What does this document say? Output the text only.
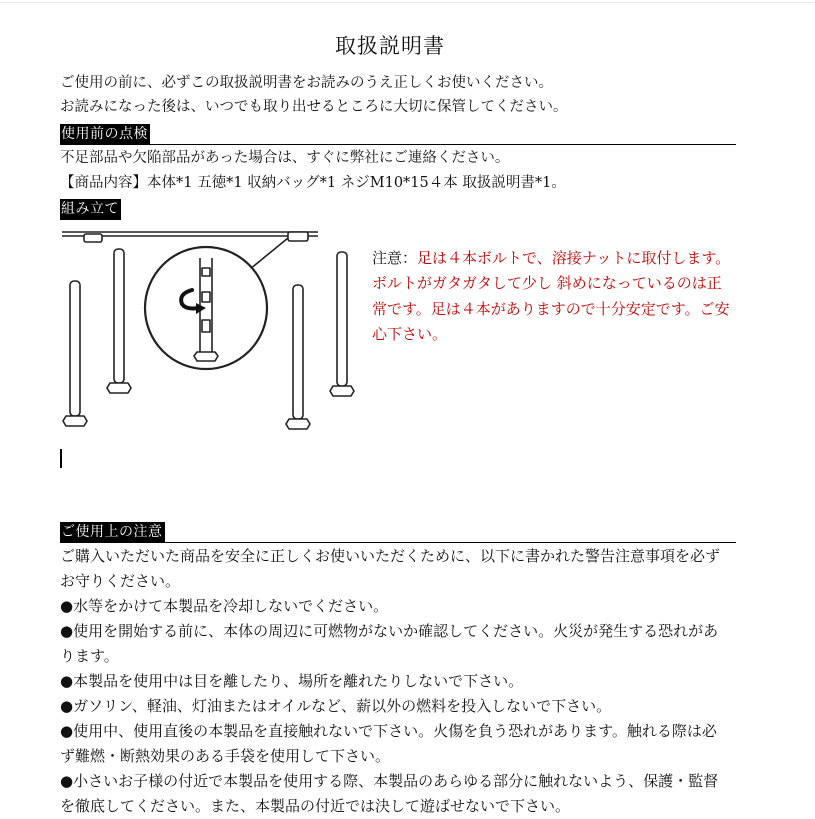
取扱説明書
ご使用の前に、必ずこの取扱説明書をお読みのうえ正しくお使いください。
お読みになった後は、いつでも取り出せるところに大切に保管してください。
使用前の点検
不足部品や欠陥部品があった場合は、すぐに弊社にご連絡ください。
【商品内容】本体*1 五徳*1 収納バッグ*1 ネジM10*15４本 取扱説明書*1。
組み立て
注意：足は４本ボルトで、溶接ナットに取付します。ボルトがガタガタして少し 斜めになっているのは正常です。足は４本がありますので十分安定です。ご安心下さい。
ご使用上の注意
ご購入いただいた商品を安全に正しくお使いいただくために、以下に書かれた警告注意事項を必ずお守りください。
●水等をかけて本製品を冷却しないでください。
●使用を開始する前に、本体の周辺に可燃物がないか確認してください。火災が発生する恐れがあります。
●本製品を使用中は目を離したり、場所を離れたりしないで下さい。
●ガソリン、軽油、灯油またはオイルなど、薪以外の燃料を投入しないで下さい。
●使用中、使用直後の本製品を直接触れないで下さい。火傷を負う恐れがあります。触れる際は必ず難燃・断熱効果のある手袋を使用して下さい。
●小さいお子様の付近で本製品を使用する際、本製品のあらゆる部分に触れないよう、保護・監督を徹底してください。また、本製品の付近では決して遊ばせないで下さい。
